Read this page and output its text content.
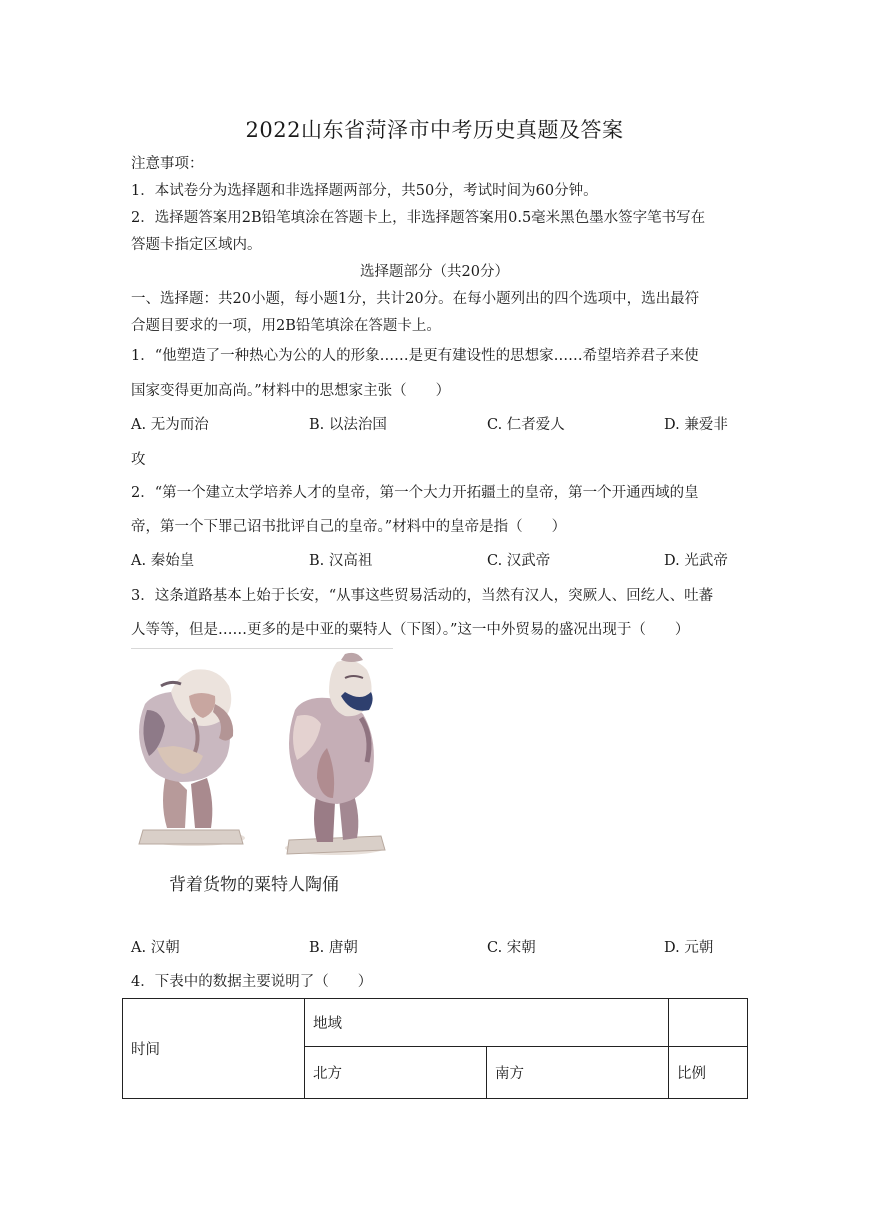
2022山东省菏泽市中考历史真题及答案
注意事项：
1．本试卷分为选择题和非选择题两部分，共50分，考试时间为60分钟。
2．选择题答案用2B铅笔填涂在答题卡上，非选择题答案用0.5毫米黑色墨水签字笔书写在
答题卡指定区域内。
选择题部分（共20分）
一、选择题：共20小题，每小题1分，共计20分。在每小题列出的四个选项中，选出最符
合题目要求的一项，用2B铅笔填涂在答题卡上。
1．“他塑造了一种热心为公的人的形象……是更有建设性的思想家……希望培养君子来使
国家变得更加高尚。”材料中的思想家主张（　　）
A. 无为而治	B. 以法治国	C. 仁者爱人	D. 兼爱非
攻
2．“第一个建立太学培养人才的皇帝，第一个大力开拓疆土的皇帝，第一个开通西域的皇
帝，第一个下罪己诏书批评自己的皇帝。”材料中的皇帝是指（　　）
A. 秦始皇	B. 汉高祖	C. 汉武帝	D. 光武帝
3．这条道路基本上始于长安，“从事这些贸易活动的，当然有汉人，突厥人、回纥人、吐蕃
人等等，但是……更多的是中亚的粟特人（下图）。”这一中外贸易的盛况出现于（　　）
背着货物的粟特人陶俑
A. 汉朝	B. 唐朝	C. 宋朝	D. 元朝
4．下表中的数据主要说明了（　　）
时间	地域		
	北方	南方	比例
